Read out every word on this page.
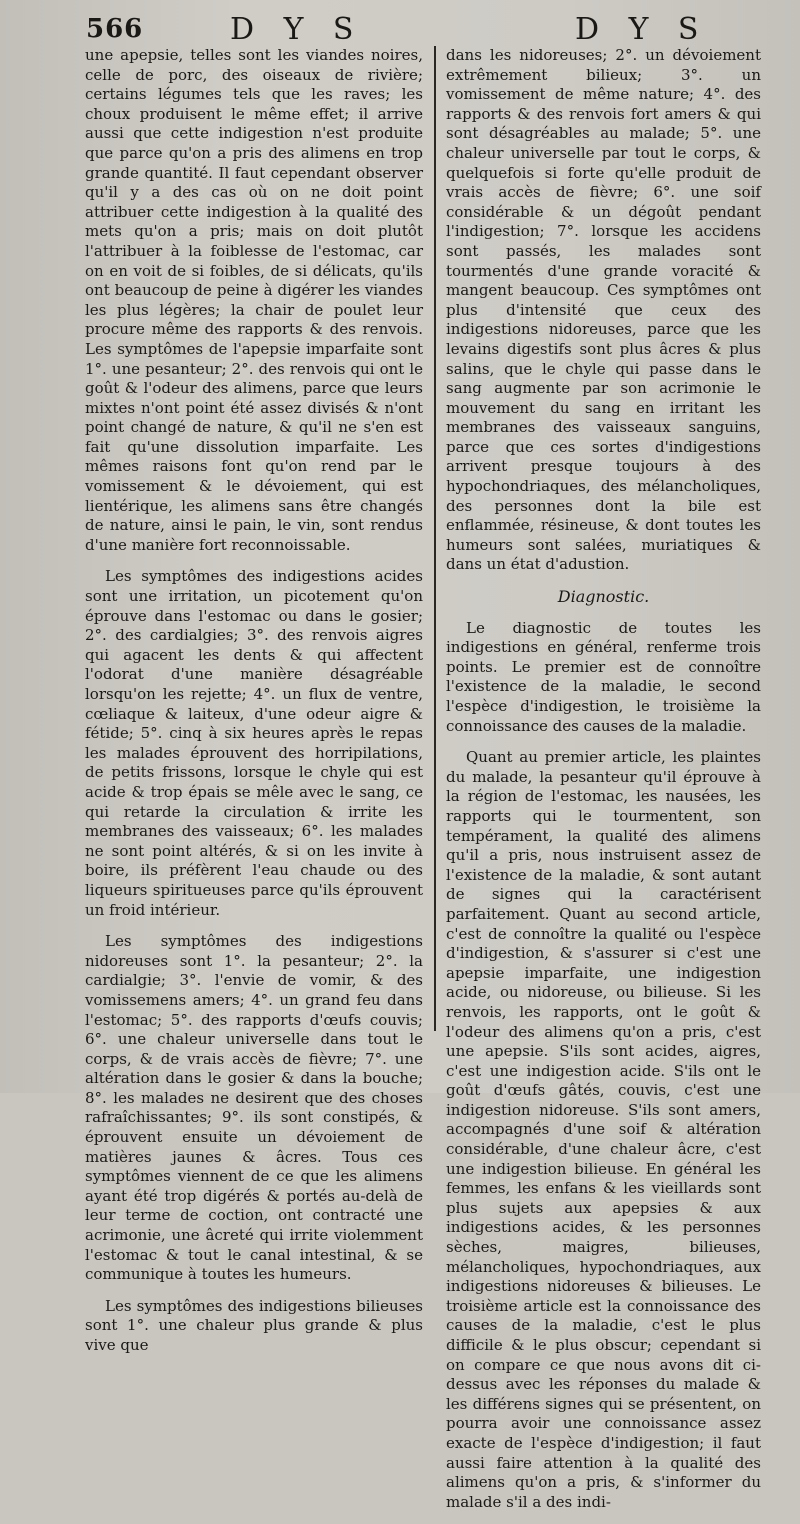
566	D Y S	D Y S

une apepsie, telles sont les viandes noires, celle de porc, des oiseaux de rivière; certains légumes tels que les raves; les choux produisent le même effet; il arrive aussi que cette indigestion n'est produite que parce qu'on a pris des alimens en trop grande quantité. Il faut cependant observer qu'il y a des cas où on ne doit point attribuer cette indigestion à la qualité des mets qu'on a pris; mais on doit plutôt l'attribuer à la foiblesse de l'estomac, car on en voit de si foibles, de si délicats, qu'ils ont beaucoup de peine à digérer les viandes les plus légères; la chair de poulet leur procure même des rapports & des renvois. Les symptômes de l'apepsie imparfaite sont 1°. une pesanteur; 2°. des renvois qui ont le goût & l'odeur des alimens, parce que leurs mixtes n'ont point été assez divisés & n'ont point changé de nature, & qu'il ne s'en est fait qu'une dissolution imparfaite. Les mêmes raisons font qu'on rend par le vomissement & le dévoiement, qui est lientérique, les alimens sans être changés de nature, ainsi le pain, le vin, sont rendus d'une manière fort reconnoissable.

Les symptômes des indigestions acides sont une irritation, un picotement qu'on éprouve dans l'estomac ou dans le gosier; 2°. des cardialgies; 3°. des renvois aigres qui agacent les dents & qui affectent l'odorat d'une manière désagréable lorsqu'on les rejette; 4°. un flux de ventre, cœliaque & laiteux, d'une odeur aigre & fétide; 5°. cinq à six heures après le repas les malades éprouvent des horripilations, de petits frissons, lorsque le chyle qui est acide & trop épais se mêle avec le sang, ce qui retarde la circulation & irrite les membranes des vaisseaux; 6°. les malades ne sont point altérés, & si on les invite à boire, ils préfèrent l'eau chaude ou des liqueurs spiritueuses parce qu'ils éprouvent un froid intérieur.

Les symptômes des indigestions nidoreuses sont 1°. la pesanteur; 2°. la cardialgie; 3°. l'envie de vomir, & des vomissemens amers; 4°. un grand feu dans l'estomac; 5°. des rapports d'œufs couvis; 6°. une chaleur universelle dans tout le corps, & de vrais accès de fièvre; 7°. une altération dans le gosier & dans la bouche; 8°. les malades ne desirent que des choses rafraîchissantes; 9°. ils sont constipés, & éprouvent ensuite un dévoiement de matières jaunes & âcres. Tous ces symptômes viennent de ce que les alimens ayant été trop digérés & portés au-delà de leur terme de coction, ont contracté une acrimonie, une âcreté qui irrite violemment l'estomac & tout le canal intestinal, & se communique à toutes les humeurs.

Les symptômes des indigestions bilieuses sont 1°. une chaleur plus grande & plus vive que

dans les nidoreuses; 2°. un dévoiement extrêmement bilieux; 3°. un vomissement de même nature; 4°. des rapports & des renvois fort amers & qui sont désagréables au malade; 5°. une chaleur universelle par tout le corps, & quelquefois si forte qu'elle produit de vrais accès de fièvre; 6°. une soif considérable & un dégoût pendant l'indigestion; 7°. lorsque les accidens sont passés, les malades sont tourmentés d'une grande voracité & mangent beaucoup. Ces symptômes ont plus d'intensité que ceux des indigestions nidoreuses, parce que les levains digestifs sont plus âcres & plus salins, que le chyle qui passe dans le sang augmente par son acrimonie le mouvement du sang en irritant les membranes des vaisseaux sanguins, parce que ces sortes d'indigestions arrivent presque toujours à des hypochondriaques, des mélancholiques, des personnes dont la bile est enflammée, résineuse, & dont toutes les humeurs sont salées, muriatiques & dans un état d'adustion.

Diagnostic.

Le diagnostic de toutes les indigestions en général, renferme trois points. Le premier est de connoître l'existence de la maladie, le second l'espèce d'indigestion, le troisième la connoissance des causes de la maladie.

Quant au premier article, les plaintes du malade, la pesanteur qu'il éprouve à la région de l'estomac, les nausées, les rapports qui le tourmentent, son tempérament, la qualité des alimens qu'il a pris, nous instruisent assez de l'existence de la maladie, & sont autant de signes qui la caractérisent parfaitement. Quant au second article, c'est de connoître la qualité ou l'espèce d'indigestion, & s'assurer si c'est une apepsie imparfaite, une indigestion acide, ou nidoreuse, ou bilieuse. Si les renvois, les rapports, ont le goût & l'odeur des alimens qu'on a pris, c'est une apepsie. S'ils sont acides, aigres, c'est une indigestion acide. S'ils ont le goût d'œufs gâtés, couvis, c'est une indigestion nidoreuse. S'ils sont amers, accompagnés d'une soif & altération considérable, d'une chaleur âcre, c'est une indigestion bilieuse. En général les femmes, les enfans & les vieillards sont plus sujets aux apepsies & aux indigestions acides, & les personnes sèches, maigres, bilieuses, mélancholiques, hypochondriaques, aux indigestions nidoreuses & bilieuses. Le troisième article est la connoissance des causes de la maladie, c'est le plus difficile & le plus obscur; cependant si on compare ce que nous avons dit ci-dessus avec les réponses du malade & les différens signes qui se présentent, on pourra avoir une connoissance assez exacte de l'espèce d'indigestion; il faut aussi faire attention à la qualité des alimens qu'on a pris, & s'informer du malade s'il a des indi-
